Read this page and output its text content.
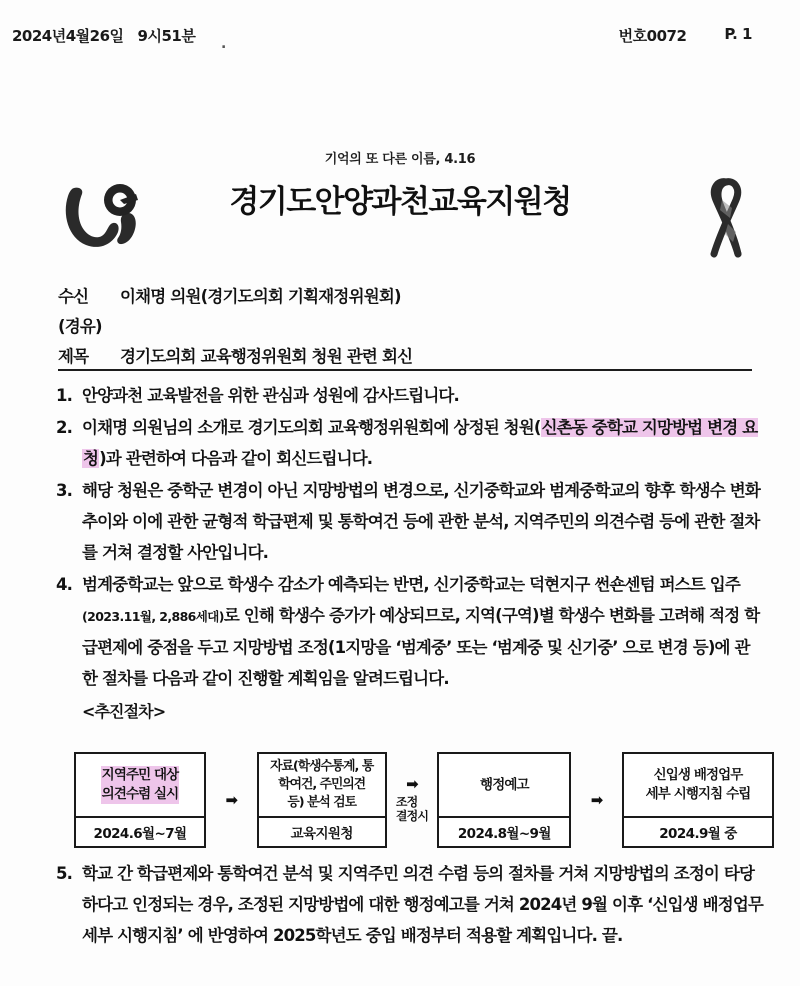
2024년4월26일 9시51분 .	번호0072	P. 1
기억의 또 다른 이름, 4.16
경기도안양과천교육지원청
수신	이채명 의원(경기도의회 기획재정위원회)
(경유)
제목	경기도의회 교육행정위원회 청원 관련 회신
1. 안양과천 교육발전을 위한 관심과 성원에 감사드립니다.
2. 이채명 의원님의 소개로 경기도의회 교육행정위원회에 상정된 청원(신촌동 중학교 지망방법 변경 요청)과 관련하여 다음과 같이 회신드립니다.
3. 해당 청원은 중학군 변경이 아닌 지망방법의 변경으로, 신기중학교와 범계중학교의 향후 학생수 변화 추이와 이에 관한 균형적 학급편제 및 통학여건 등에 관한 분석, 지역주민의 의견수렴 등에 관한 절차를 거쳐 결정할 사안입니다.
4. 범계중학교는 앞으로 학생수 감소가 예측되는 반면, 신기중학교는 덕현지구 썬숀센텀 퍼스트 입주(2023.11월, 2,886세대)로 인해 학생수 증가가 예상되므로, 지역(구역)별 학생수 변화를 고려해 적정 학급편제에 중점을 두고 지망방법 조정(1지망을 ‘범계중’ 또는 ‘범계중 및 신기중’ 으로 변경 등)에 관한 절차를 다음과 같이 진행할 계획임을 알려드립니다.
<추진절차>
지역주민 대상
의견수렴 실시
2024.6월~7월
➡
자료(학생수통계, 통
학여건, 주민의견
등) 분석 검토
교육지원청
➡
조정
결정시
행정예고
2024.8월~9월
➡
신입생 배정업무
세부 시행지침 수립
2024.9월 중
5. 학교 간 학급편제와 통학여건 분석 및 지역주민 의견 수렴 등의 절차를 거쳐 지망방법의 조정이 타당하다고 인정되는 경우, 조정된 지망방법에 대한 행정예고를 거쳐 2024년 9월 이후 ‘신입생 배정업무 세부 시행지침’ 에 반영하여 2025학년도 중입 배정부터 적용할 계획입니다. 끝.
